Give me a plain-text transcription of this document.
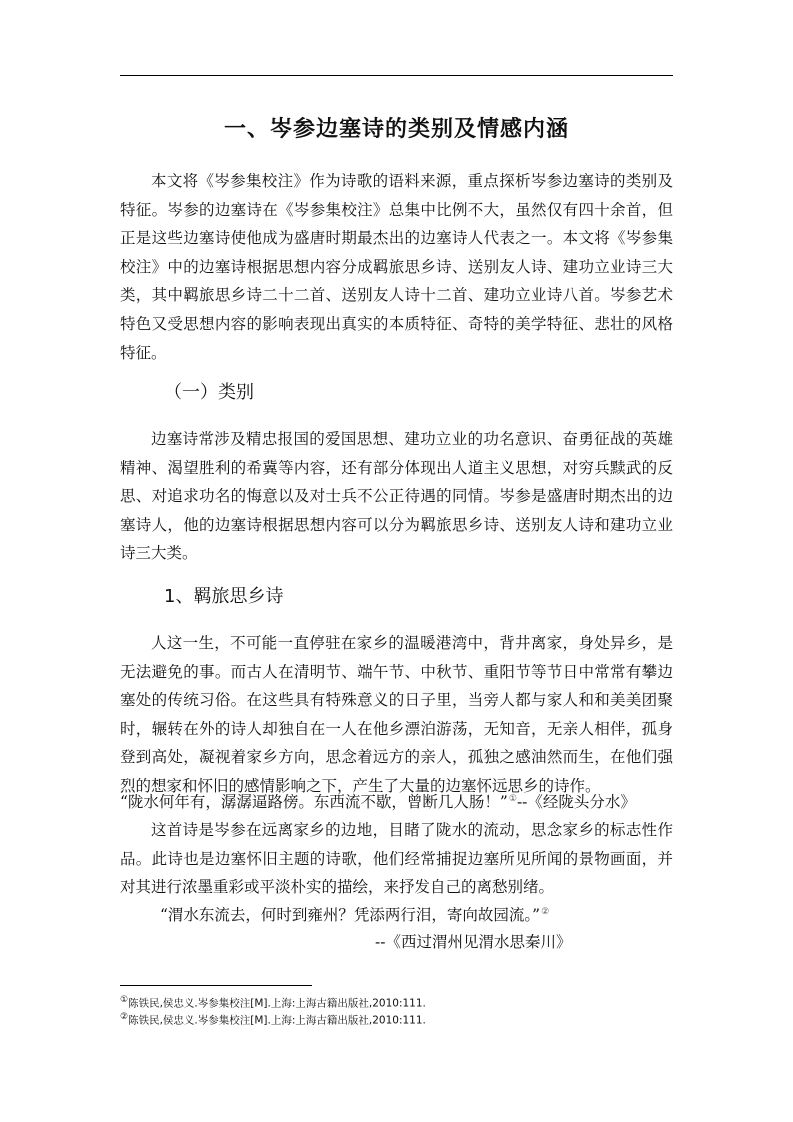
一、岑参边塞诗的类别及情感内涵

本文将《岑参集校注》作为诗歌的语料来源，重点探析岑参边塞诗的类别及特征。岑参的边塞诗在《岑参集校注》总集中比例不大，虽然仅有四十余首，但正是这些边塞诗使他成为盛唐时期最杰出的边塞诗人代表之一。本文将《岑参集校注》中的边塞诗根据思想内容分成羁旅思乡诗、送别友人诗、建功立业诗三大类，其中羁旅思乡诗二十二首、送别友人诗十二首、建功立业诗八首。岑参艺术特色又受思想内容的影响表现出真实的本质特征、奇特的美学特征、悲壮的风格特征。

（一）类别

边塞诗常涉及精忠报国的爱国思想、建功立业的功名意识、奋勇征战的英雄精神、渴望胜利的希冀等内容，还有部分体现出人道主义思想，对穷兵黩武的反思、对追求功名的悔意以及对士兵不公正待遇的同情。岑参是盛唐时期杰出的边塞诗人，他的边塞诗根据思想内容可以分为羁旅思乡诗、送别友人诗和建功立业诗三大类。

1、羁旅思乡诗

人这一生，不可能一直停驻在家乡的温暖港湾中，背井离家，身处异乡，是无法避免的事。而古人在清明节、端午节、中秋节、重阳节等节日中常常有攀边塞处的传统习俗。在这些具有特殊意义的日子里，当旁人都与家人和和美美团聚时，辗转在外的诗人却独自在一人在他乡漂泊游荡，无知音，无亲人相伴，孤身登到高处，凝视着家乡方向，思念着远方的亲人，孤独之感油然而生，在他们强烈的想家和怀旧的感情影响之下，产生了大量的边塞怀远思乡的诗作。

“陇水何年有，潺潺逼路傍。东西流不歇，曾断几人肠！”①--《经陇头分水》

这首诗是岑参在远离家乡的边地，目睹了陇水的流动，思念家乡的标志性作品。此诗也是边塞怀旧主题的诗歌，他们经常捕捉边塞所见所闻的景物画面，并对其进行浓墨重彩或平淡朴实的描绘，来抒发自己的离愁别绪。

“渭水东流去，何时到雍州？凭添两行泪，寄向故园流。”②
--《西过渭州见渭水思秦川》
①陈铁民,侯忠义.岑参集校注[M].上海:上海古籍出版社,2010:111.
②陈铁民,侯忠义.岑参集校注[M].上海:上海古籍出版社,2010:111.
